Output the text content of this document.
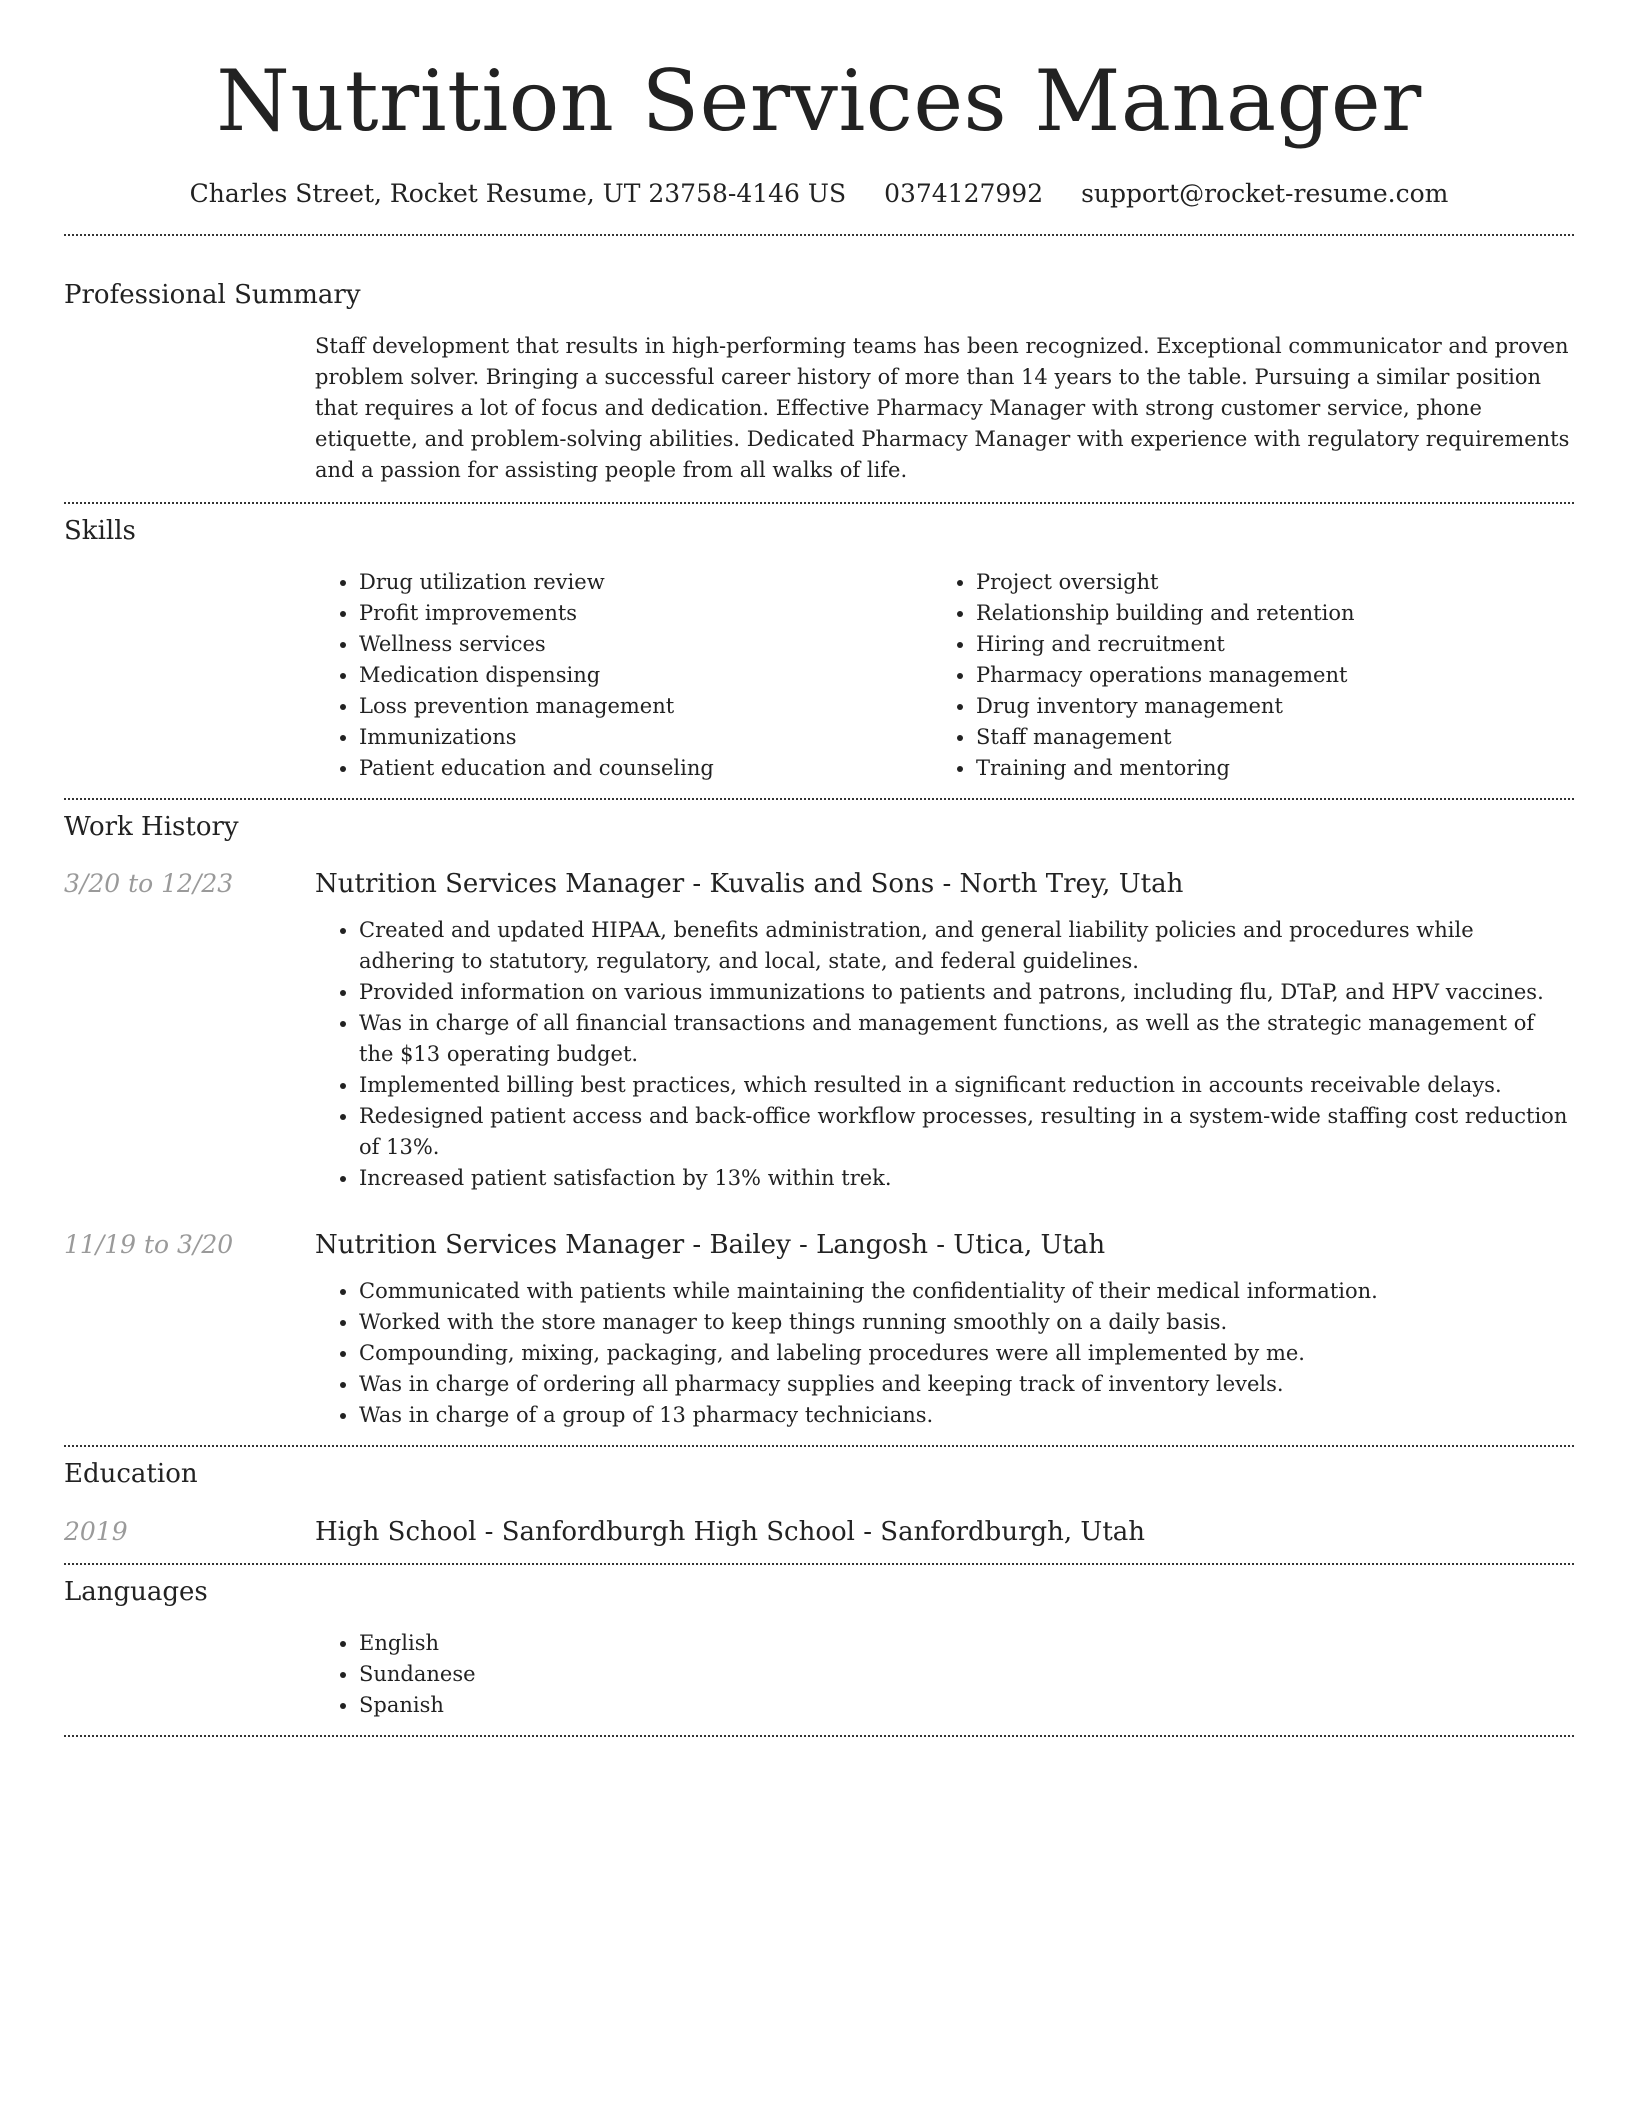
Nutrition Services Manager
Charles Street, Rocket Resume, UT 23758-4146 US 0374127992 support@rocket-resume.com
Professional Summary

Staff development that results in high-performing teams has been recognized. Exceptional communicator and proven problem solver. Bringing a successful career history of more than 14 years to the table. Pursuing a similar position that requires a lot of focus and dedication. Effective Pharmacy Manager with strong customer service, phone etiquette, and problem-solving abilities. Dedicated Pharmacy Manager with experience with regulatory requirements and a passion for assisting people from all walks of life.

Skills
• Drug utilization review
• Profit improvements
• Wellness services
• Medication dispensing
• Loss prevention management
• Immunizations
• Patient education and counseling
• Project oversight
• Relationship building and retention
• Hiring and recruitment
• Pharmacy operations management
• Drug inventory management
• Staff management
• Training and mentoring
Work History
3/20 to 12/23	Nutrition Services Manager - Kuvalis and Sons - North Trey, Utah
• Created and updated HIPAA, benefits administration, and general liability policies and procedures while adhering to statutory, regulatory, and local, state, and federal guidelines.
• Provided information on various immunizations to patients and patrons, including flu, DTaP, and HPV vaccines.
• Was in charge of all financial transactions and management functions, as well as the strategic management of the $13 operating budget.
• Implemented billing best practices, which resulted in a significant reduction in accounts receivable delays.
• Redesigned patient access and back-office workflow processes, resulting in a system-wide staffing cost reduction of 13%.
• Increased patient satisfaction by 13% within trek.
11/19 to 3/20	Nutrition Services Manager - Bailey - Langosh - Utica, Utah
• Communicated with patients while maintaining the confidentiality of their medical information.
• Worked with the store manager to keep things running smoothly on a daily basis.
• Compounding, mixing, packaging, and labeling procedures were all implemented by me.
• Was in charge of ordering all pharmacy supplies and keeping track of inventory levels.
• Was in charge of a group of 13 pharmacy technicians.
Education
2019	High School - Sanfordburgh High School - Sanfordburgh, Utah
Languages
• English
• Sundanese
• Spanish
